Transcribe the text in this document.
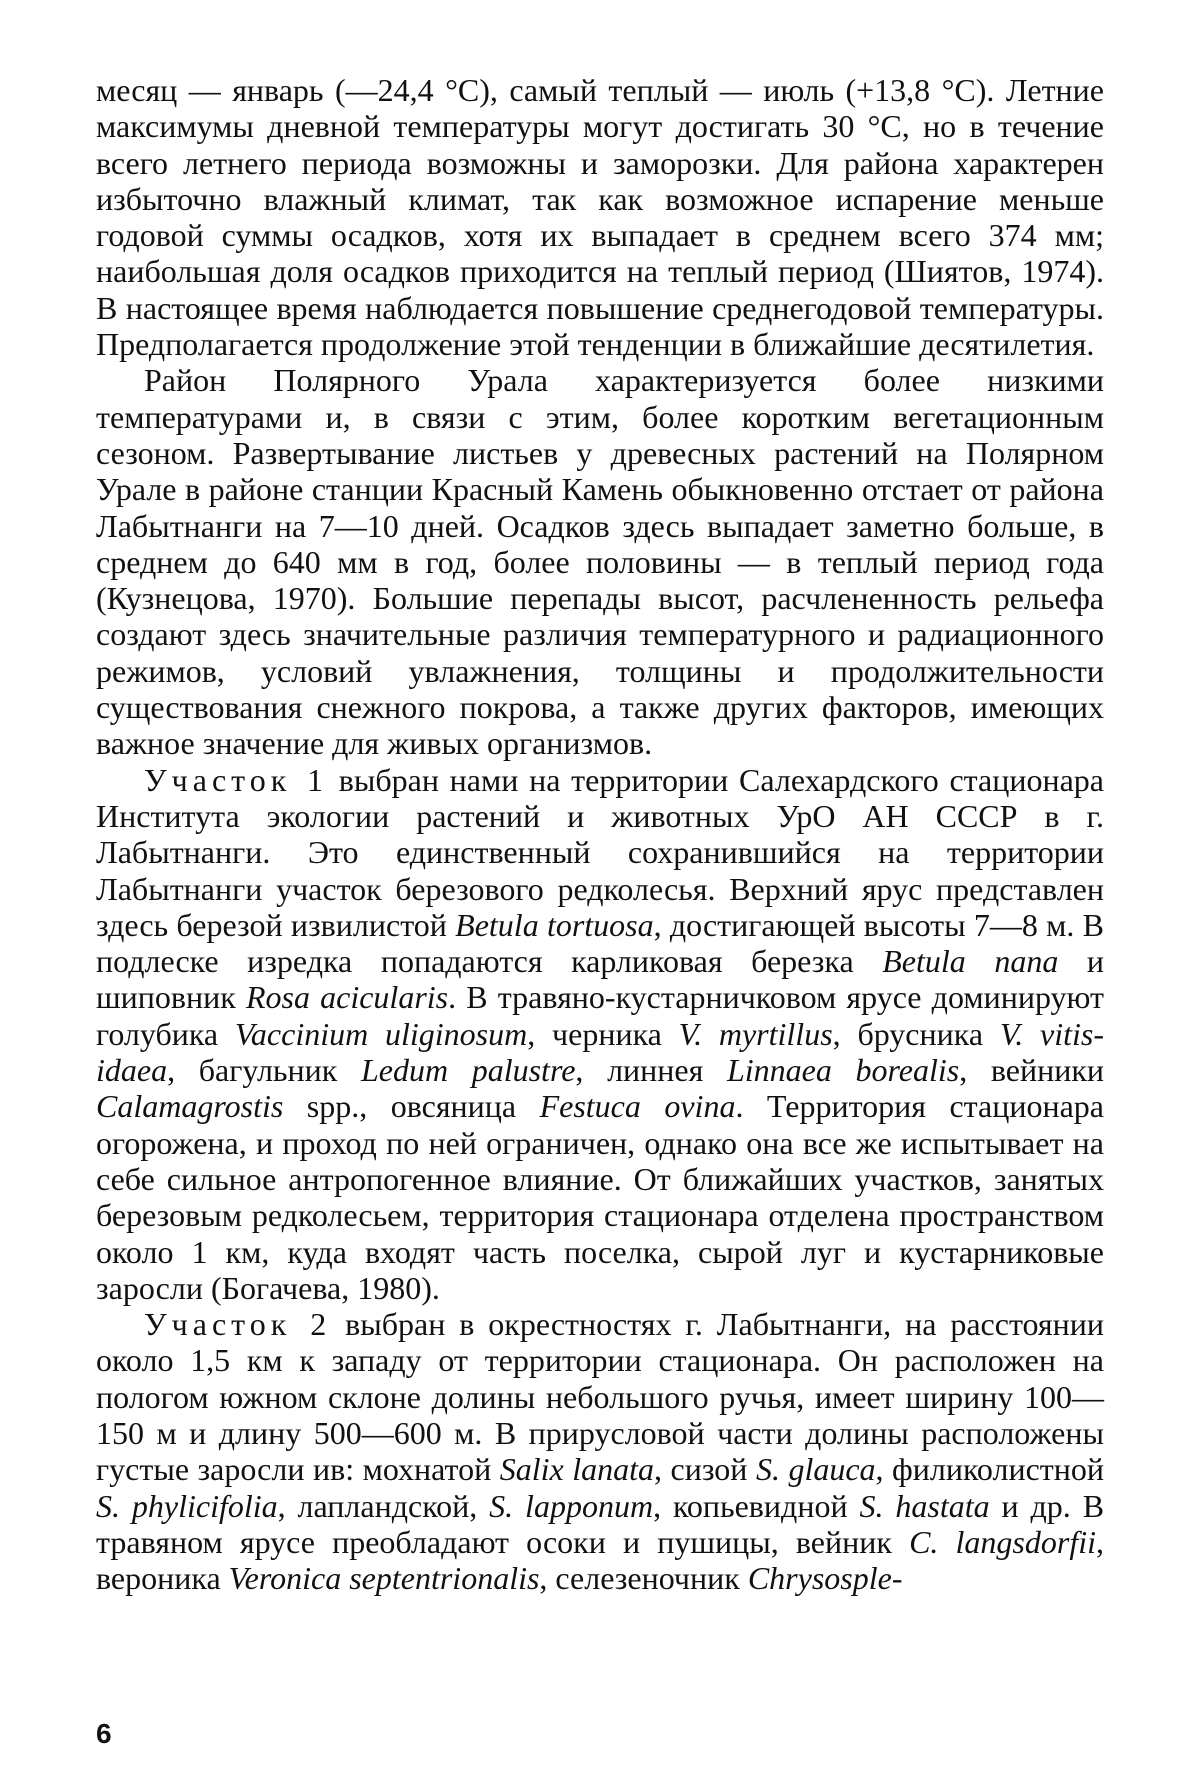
месяц — январь (—24,4 °С), самый теплый — июль (+13,8 °С). Летние максимумы дневной температуры могут достигать 30 °С, но в течение всего летнего периода возможны и заморозки. Для района характерен избыточно влажный климат, так как возможное испарение меньше годовой суммы осадков, хотя их выпадает в среднем всего 374 мм; наибольшая доля осадков приходится на теплый период (Шиятов, 1974). В настоящее время наблюдается повышение среднегодовой температуры. Предполагается продолжение этой тенденции в ближайшие десятилетия.

Район Полярного Урала характеризуется более низкими температурами и, в связи с этим, более коротким вегетационным сезоном. Развертывание листьев у древесных растений на Полярном Урале в районе станции Красный Камень обыкновенно отстает от района Лабытнанги на 7—10 дней. Осадков здесь выпадает заметно больше, в среднем до 640 мм в год, более половины — в теплый период года (Кузнецова, 1970). Большие перепады высот, расчлененность рельефа создают здесь значительные различия температурного и радиационного режимов, условий увлажнения, толщины и продолжительности существования снежного покрова, а также других факторов, имеющих важное значение для живых организмов.

Участок 1 выбран нами на территории Салехардского стационара Института экологии растений и животных УрО АН СССР в г. Лабытнанги. Это единственный сохранившийся на территории Лабытнанги участок березового редколесья. Верхний ярус представлен здесь березой извилистой Betula tortuosa, достигающей высоты 7—8 м. В подлеске изредка попадаются карликовая березка Betula nana и шиповник Rosa acicularis. В травяно-кустарничковом ярусе доминируют голубика Vaccinium uliginosum, черника V. myrtillus, брусника V. vitis-idaea, багульник Ledum palustre, линнея Linnaea borealis, вейники Calamagrostis spp., овсяница Festuca ovina. Территория стационара огорожена, и проход по ней ограничен, однако она все же испытывает на себе сильное антропогенное влияние. От ближайших участков, занятых березовым редколесьем, территория стационара отделена пространством около 1 км, куда входят часть поселка, сырой луг и кустарниковые заросли (Богачева, 1980).

Участок 2 выбран в окрестностях г. Лабытнанги, на расстоянии около 1,5 км к западу от территории стационара. Он расположен на пологом южном склоне долины небольшого ручья, имеет ширину 100—150 м и длину 500—600 м. В прирусловой части долины расположены густые заросли ив: мохнатой Salix lanata, сизой S. glauca, филиколистной S. phylicifolia, лапландской, S. lapponum, копьевидной S. hastata и др. В травяном ярусе преобладают осоки и пушицы, вейник C. langsdorfii, вероника Veronica septentrionalis, селезеночник Chrysosple-

6
